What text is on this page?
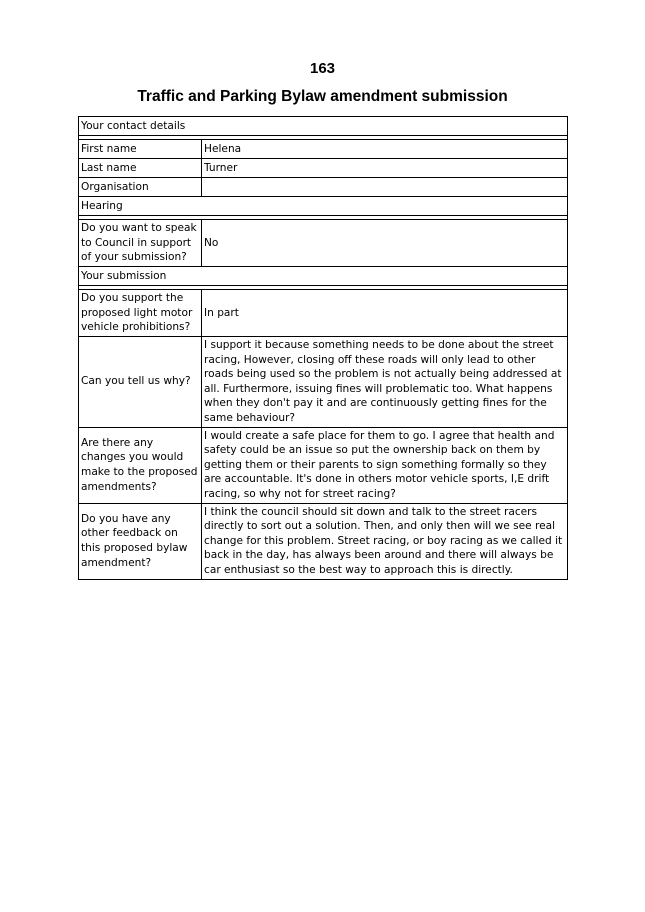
163
Traffic and Parking Bylaw amendment submission
Your contact details	

First name	Helena
Last name	Turner
Organisation	
Hearing	

Do you want to speak to Council in support of your submission?	No
Your submission	

Do you support the proposed light motor vehicle prohibitions?	In part
Can you tell us why?	I support it because something needs to be done about the street racing, However, closing off these roads will only lead to other roads being used so the problem is not actually being addressed at all. Furthermore, issuing fines will problematic too. What happens when they don't pay it and are continuously getting fines for the same behaviour?
Are there any changes you would make to the proposed amendments?	I would create a safe place for them to go. I agree that health and safety could be an issue so put the ownership back on them by getting them or their parents to sign something formally so they are accountable. It's done in others motor vehicle sports, I,E drift racing, so why not for street racing?
Do you have any other feedback on this proposed bylaw amendment?	I think the council should sit down and talk to the street racers directly to sort out a solution. Then, and only then will we see real change for this problem. Street racing, or boy racing as we called it back in the day, has always been around and there will always be car enthusiast so the best way to approach this is directly.
